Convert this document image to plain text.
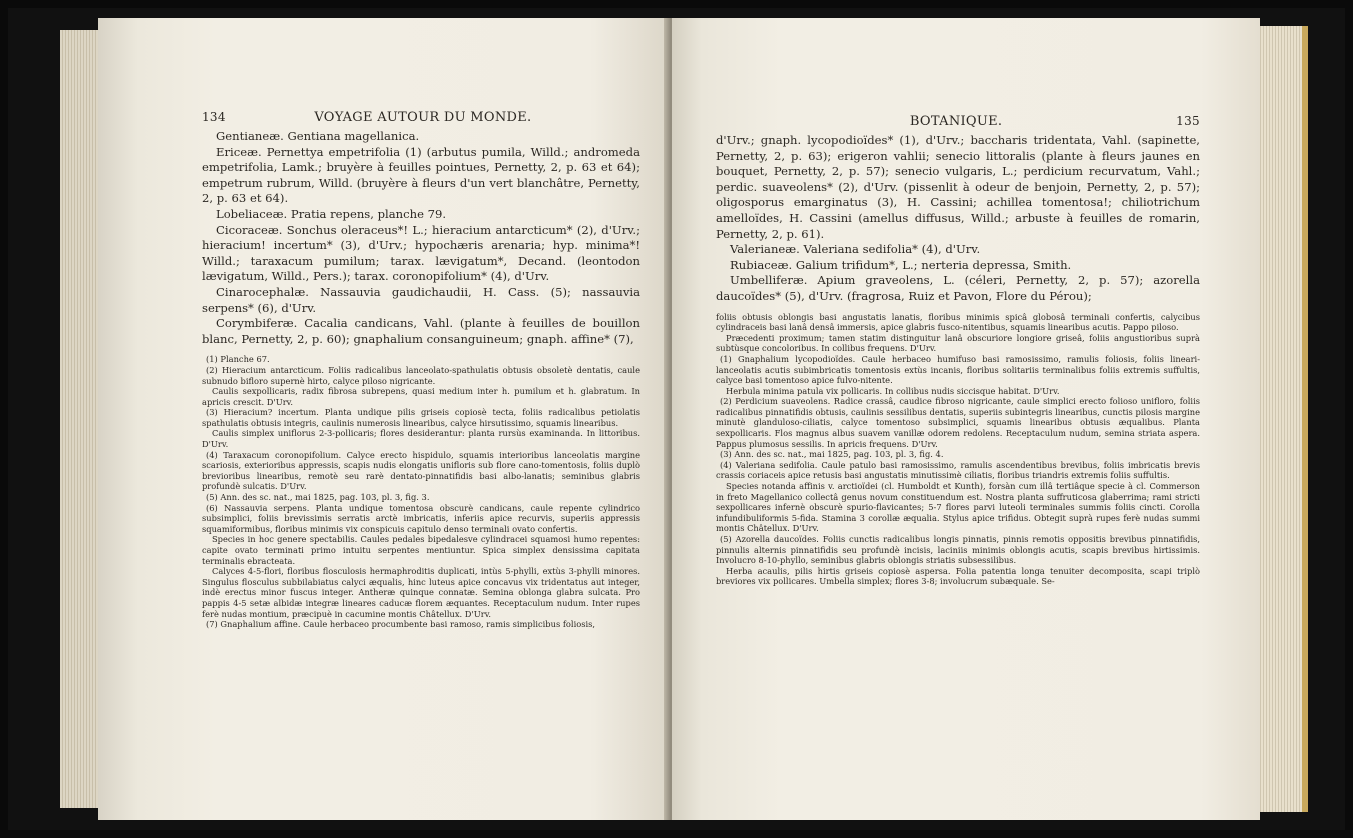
134	VOYAGE AUTOUR DU MONDE.

Gentianeæ. Gentiana magellanica.

Ericeæ. Pernettya empetrifolia (1) (arbutus pumila, Willd.; andromeda empetrifolia, Lamk.; bruyère à feuilles pointues, Pernetty, 2, p. 63 et 64); empetrum rubrum, Willd. (bruyère à fleurs d'un vert blanchâtre, Pernetty, 2, p. 63 et 64).

Lobeliaceæ. Pratia repens, planche 79.

Cicoraceæ. Sonchus oleraceus*! L.; hieracium antarcticum* (2), d'Urv.; hieracium! incertum* (3), d'Urv.; hypochæris arenaria; hyp. minima*! Willd.; taraxacum pumilum; tarax. lævigatum*, Decand. (leontodon lævigatum, Willd., Pers.); tarax. coronopifolium* (4), d'Urv.

Cinarocephalæ. Nassauvia gaudichaudii, H. Cass. (5); nassauvia serpens* (6), d'Urv.

Corymbiferæ. Cacalia candicans, Vahl. (plante à feuilles de bouillon blanc, Pernetty, 2, p. 60); gnaphalium consanguineum; gnaph. affine* (7),

(1) Planche 67.

(2) Hieracium antarcticum. Foliis radicalibus lanceolato-spathulatis obtusis obsoletè dentatis, caule subnudo bifloro supernè hirto, calyce piloso nigricante.

Caulis sexpollicaris, radix fibrosa subrepens, quasi medium inter h. pumilum et h. glabratum. In apricis crescit. D'Urv.

(3) Hieracium? incertum. Planta undique pilis griseis copiosè tecta, foliis radicalibus petiolatis spathulatis obtusis integris, caulinis numerosis linearibus, calyce hirsutissimo, squamis linearibus.

Caulis simplex uniflorus 2-3-pollicaris; flores desiderantur: planta rursùs examinanda. In littoribus. D'Urv.

(4) Taraxacum coronopifolium. Calyce erecto hispidulo, squamis interioribus lanceolatis margine scariosis, exterioribus appressis, scapis nudis elongatis unifloris sub flore cano-tomentosis, foliis duplò brevioribus linearibus, remotè seu rarè dentato-pinnatifidis basi albo-lanatis; seminibus glabris profundè sulcatis. D'Urv.

(5) Ann. des sc. nat., mai 1825, pag. 103, pl. 3, fig. 3.

(6) Nassauvia serpens. Planta undique tomentosa obscurè candicans, caule repente cylindrico subsimplici, foliis brevissimis serratis arctè imbricatis, inferiis apice recurvis, superiis appressis squamiformibus, floribus minimis vix conspicuis capitulo denso terminali ovato confertis.

Species in hoc genere spectabilis. Caules pedales bipedalesve cylindracei squamosi humo repentes: capite ovato terminati primo intuitu serpentes mentiuntur. Spica simplex densissima capitata terminalis ebracteata.

Calyces 4-5-flori, floribus flosculosis hermaphroditis duplicati, intùs 5-phylli, extùs 3-phylli minores. Singulus flosculus subbilabiatus calyci æqualis, hinc luteus apice concavus vix tridentatus aut integer, indè erectus minor fuscus integer. Antheræ quinque connatæ. Semina oblonga glabra sulcata. Pro pappis 4-5 setæ albidæ integræ lineares caducæ florem æquantes. Receptaculum nudum. Inter rupes ferè nudas montium, præcipuè in cacumine montis Châtellux. D'Urv.

(7) Gnaphalium affine. Caule herbaceo procumbente basi ramoso, ramis simplicibus foliosis,

BOTANIQUE.	135

d'Urv.; gnaph. lycopodioïdes* (1), d'Urv.; baccharis tridentata, Vahl. (sapinette, Pernetty, 2, p. 63); erigeron vahlii; senecio littoralis (plante à fleurs jaunes en bouquet, Pernetty, 2, p. 57); senecio vulgaris, L.; perdicium recurvatum, Vahl.; perdic. suaveolens* (2), d'Urv. (pissenlit à odeur de benjoin, Pernetty, 2, p. 57); oligosporus emarginatus (3), H. Cassini; achillea tomentosa!; chiliotrichum amelloïdes, H. Cassini (amellus diffusus, Willd.; arbuste à feuilles de romarin, Pernetty, 2, p. 61).

Valerianeæ. Valeriana sedifolia* (4), d'Urv.

Rubiaceæ. Galium trifidum*, L.; nerteria depressa, Smith.

Umbelliferæ. Apium graveolens, L. (céleri, Pernetty, 2, p. 57); azorella daucoïdes* (5), d'Urv. (fragrosa, Ruiz et Pavon, Flore du Pérou);

foliis obtusis oblongis basi angustatis lanatis, floribus minimis spicâ globosâ terminali confertis, calycibus cylindraceis basi lanâ densâ immersis, apice glabris fusco-nitentibus, squamis linearibus acutis. Pappo piloso.

Præcedenti proximum; tamen statim distinguitur lanâ obscuriore longiore griseâ, foliis angustioribus suprà subtùsque concoloribus. In collibus frequens. D'Urv.

(1) Gnaphalium lycopodioïdes. Caule herbaceo humifuso basi ramosissimo, ramulis foliosis, foliis lineari-lanceolatis acutis subimbricatis tomentosis extùs incanis, floribus solitariis terminalibus foliis extremis suffultis, calyce basi tomentoso apice fulvo-nitente.

Herbula minima patula vix pollicaris. In collibus nudis siccisque habitat. D'Urv.

(2) Perdicium suaveolens. Radice crassâ, caudice fibroso nigricante, caule simplici erecto folioso unifloro, foliis radicalibus pinnatifidis obtusis, caulinis sessilibus dentatis, superiis subintegris linearibus, cunctis pilosis margine minutè glanduloso-ciliatis, calyce tomentoso subsimplici, squamis linearibus obtusis æqualibus. Planta sexpollicaris. Flos magnus albus suavem vanillæ odorem redolens. Receptaculum nudum, semina striata aspera. Pappus plumosus sessilis. In apricis frequens. D'Urv.

(3) Ann. des sc. nat., mai 1825, pag. 103, pl. 3, fig. 4.

(4) Valeriana sedifolia. Caule patulo basi ramosissimo, ramulis ascendentibus brevibus, foliis imbricatis brevis crassis coriaceis apice retusis basi angustatis minutissimè ciliatis, floribus triandris extremis foliis suffultis.

Species notanda affinis v. arctioïdei (cl. Humboldt et Kunth), forsàn cum illâ tertiâque specie à cl. Commerson in freto Magellanico collectâ genus novum constituendum est. Nostra planta suffruticosa glaberrima; rami stricti sexpollicares infernè obscurè spurio-flavicantes; 5-7 flores parvi luteoli terminales summis foliis cincti. Corolla infundibuliformis 5-fida. Stamina 3 corollæ æqualia. Stylus apice trifidus. Obtegit suprà rupes ferè nudas summi montis Châtellux. D'Urv.

(5) Azorella daucoïdes. Foliis cunctis radicalibus longis pinnatis, pinnis remotis oppositis brevibus pinnatifidis, pinnulis alternis pinnatifidis seu profundè incisis, laciniis minimis oblongis acutis, scapis brevibus hirtissimis. Involucro 8-10-phyllo, seminibus glabris oblongis striatis subsessilibus.

Herba acaulis, pilis hirtis griseis copiosè aspersa. Folia patentia longa tenuiter decomposita, scapi triplò breviores vix pollicares. Umbella simplex; flores 3-8; involucrum subæquale. Se-
